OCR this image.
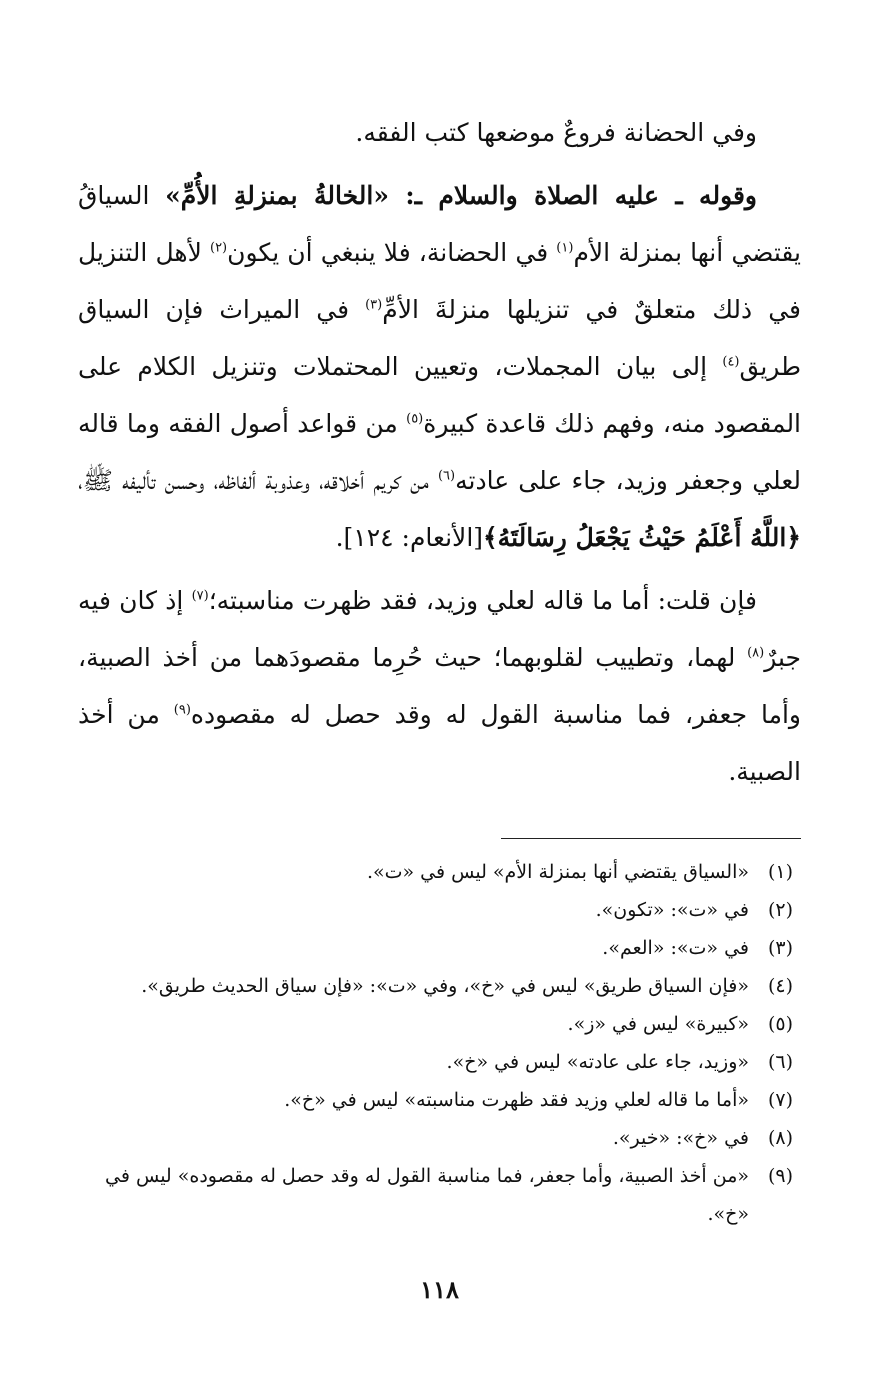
وفي الحضانة فروعٌ موضعها كتب الفقه.

وقوله ـ عليه الصلاة والسلام ـ: «الخالةُ بمنزلةِ الأُمِّ» السياقُ يقتضي أنها بمنزلة الأم$^{(١)}$ في الحضانة، فلا ينبغي أن يكون$^{(٢)}$ لأهل التنزيل في ذلك متعلقٌ في تنزيلها منزلةَ الأمِّ$^{(٣)}$ في الميراث فإن السياق طريق$^{(٤)}$ إلى بيان المجملات، وتعيين المحتملات وتنزيل الكلام على المقصود منه، وفهم ذلك قاعدة كبيرة$^{(٥)}$ من قواعد أصول الفقه وما قاله لعلي وجعفر وزيد، جاء على عادته$^{(٦)}$ من كريم أخلاقه، وعذوبة ألفاظه، وحسن تأليفه ﷺ، ﴿اللَّهُ أَعْلَمُ حَيْثُ يَجْعَلُ رِسَالَتَهُ﴾[الأنعام: ١٢٤].

فإن قلت: أما ما قاله لعلي وزيد، فقد ظهرت مناسبته؛$^{(٧)}$ إذ كان فيه جبرٌ$^{(٨)}$ لهما، وتطييب لقلوبهما؛ حيث حُرِما مقصودَهما من أخذ الصبية، وأما جعفر، فما مناسبة القول له وقد حصل له مقصوده$^{(٩)}$ من أخذ الصبية.

(١)
«السياق يقتضي أنها بمنزلة الأم» ليس في «ت».
(٢)
في «ت»: «تكون».
(٣)
في «ت»: «العم».
(٤)
«فإن السياق طريق» ليس في «خ»، وفي «ت»: «فإن سياق الحديث طريق».
(٥)
«كبيرة» ليس في «ز».
(٦)
«وزيد، جاء على عادته» ليس في «خ».
(٧)
«أما ما قاله لعلي وزيد فقد ظهرت مناسبته» ليس في «خ».
(٨)
في «خ»: «خير».
(٩)
«من أخذ الصبية، وأما جعفر، فما مناسبة القول له وقد حصل له مقصوده» ليس في «خ».
١١٨
